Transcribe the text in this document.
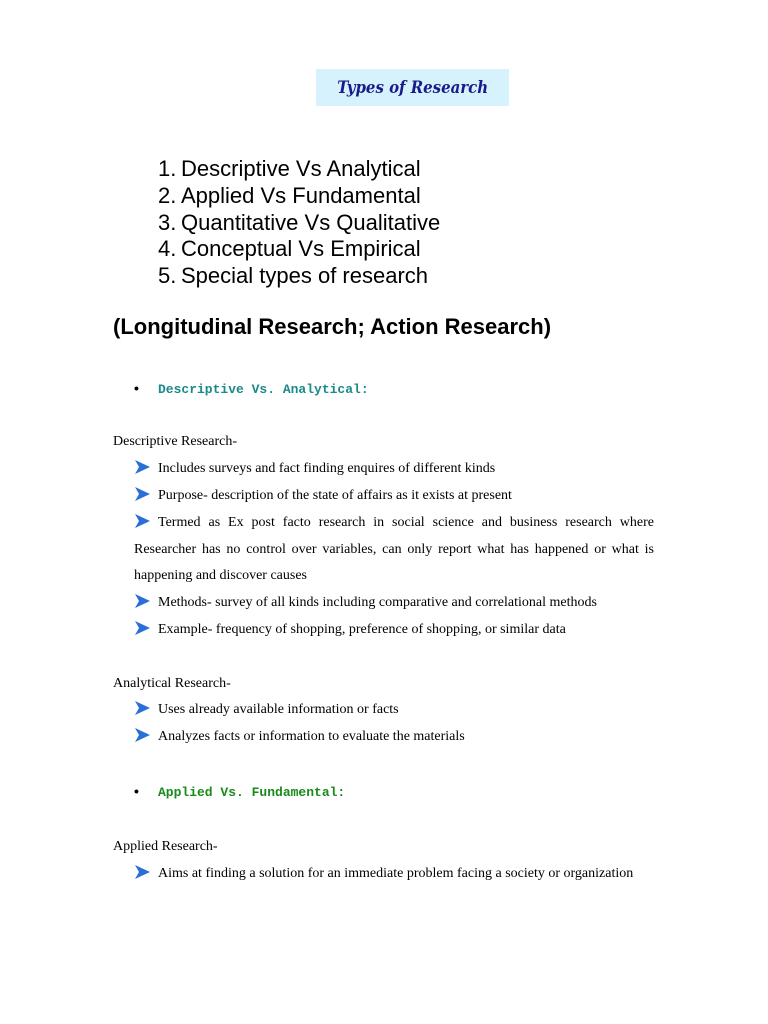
Types of Research
1. Descriptive Vs Analytical
2. Applied Vs Fundamental
3. Quantitative Vs Qualitative
4. Conceptual Vs Empirical
5. Special types of research
(Longitudinal Research; Action Research)
• Descriptive Vs. Analytical:
Descriptive Research-
Includes surveys and fact finding enquires of different kinds
Purpose- description of the state of affairs as it exists at present
Termed as Ex post facto research in social science and business research where Researcher has no control over variables, can only report what has happened or what is happening and discover causes
Methods- survey of all kinds including comparative and correlational methods
Example- frequency of shopping, preference of shopping, or similar data
Analytical Research-
Uses already available information or facts
Analyzes facts or information to evaluate the materials
• Applied Vs. Fundamental:
Applied Research-
Aims at finding a solution for an immediate problem facing a society or organization
